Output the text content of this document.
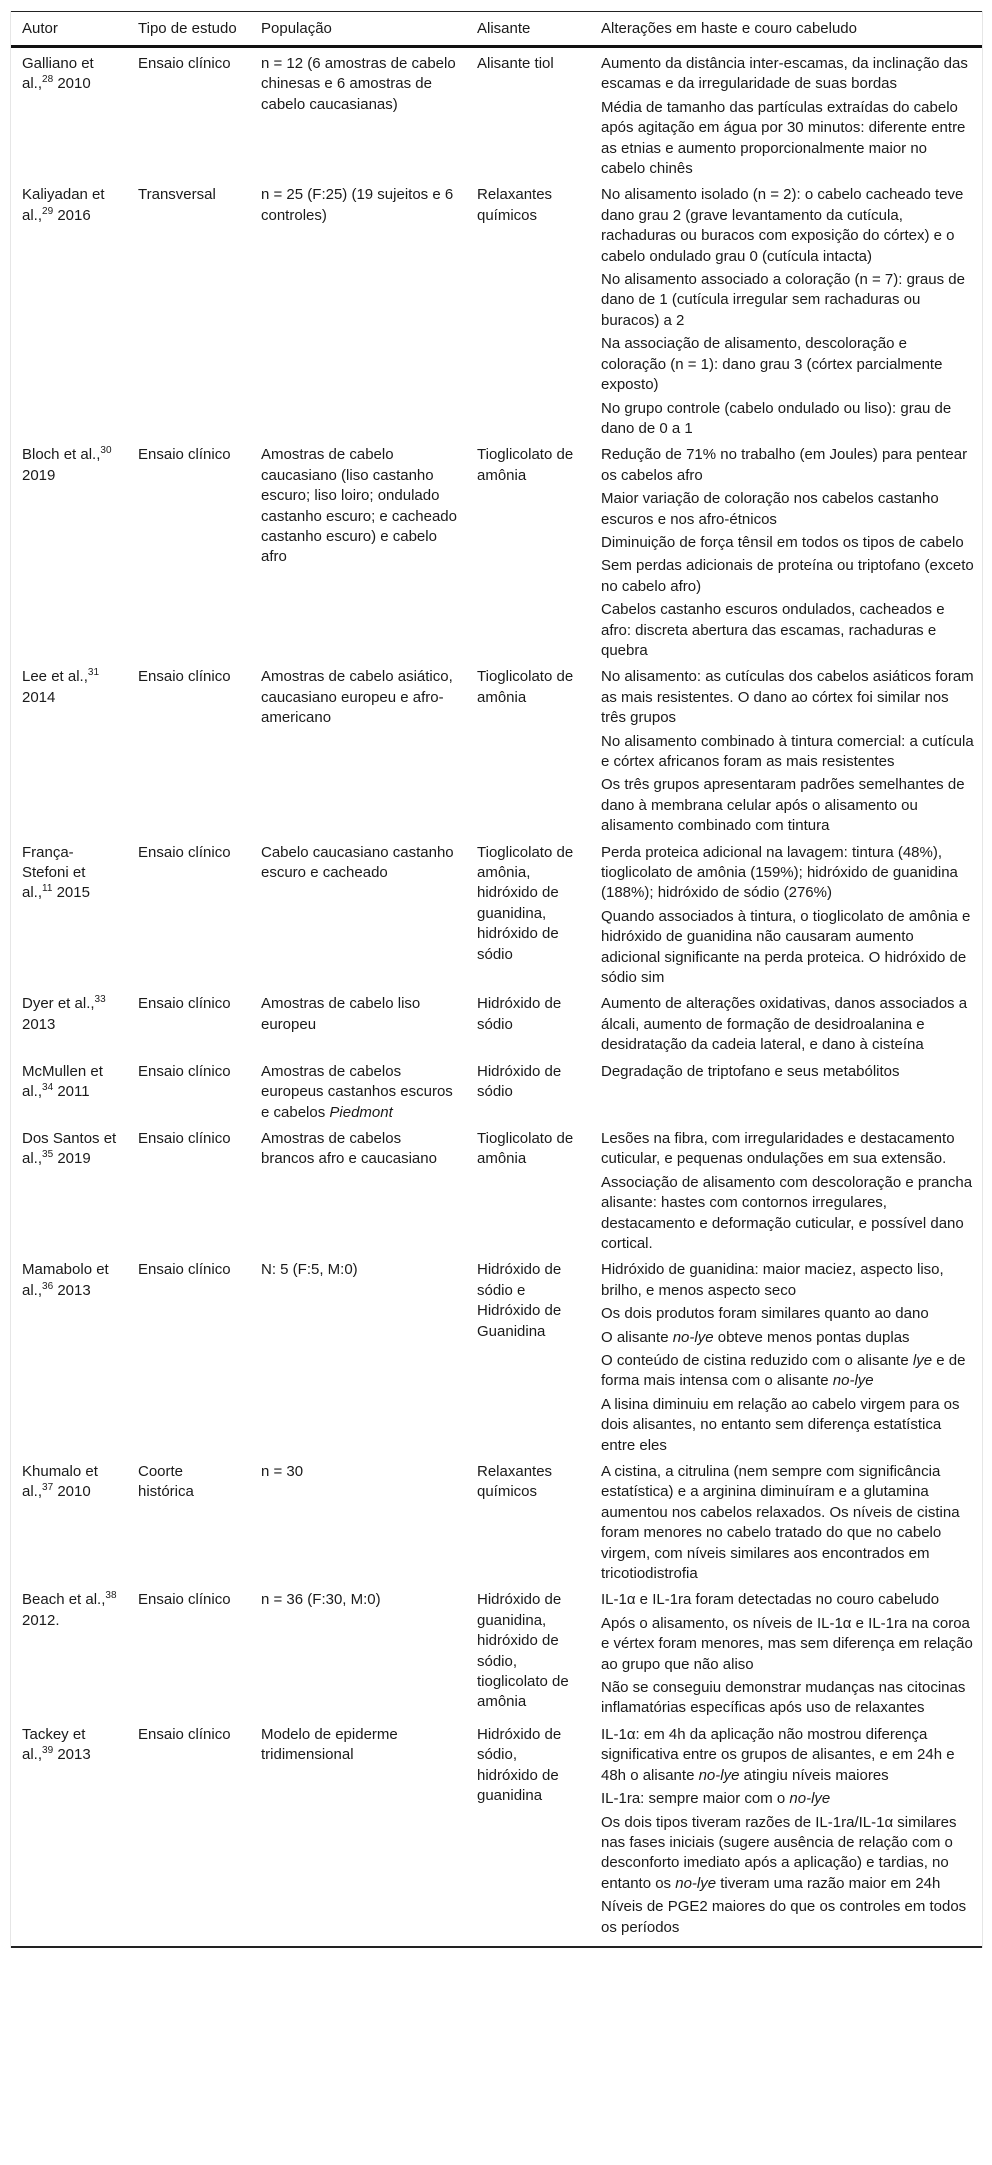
Autor	Tipo de estudo	População	Alisante	Alterações em haste e couro cabeludo
Galliano et al.,$^{28}$ 2010	Ensaio clínico	n = 12 (6 amostras de cabelo chinesas e 6 amostras de cabelo caucasianas)	Alisante tiol	Aumento da distância inter-escamas, da inclinação das escamas e da irregularidade de suas bordas
Média de tamanho das partículas extraídas do cabelo após agitação em água por 30 minutos: diferente entre as etnias e aumento proporcionalmente maior no cabelo chinês

Kaliyadan et al.,$^{29}$ 2016	Transversal	n = 25 (F:25) (19 sujeitos e 6 controles)	Relaxantes químicos	No alisamento isolado (n = 2): o cabelo cacheado teve dano grau 2 (grave levantamento da cutícula, rachaduras ou buracos com exposição do córtex) e o cabelo ondulado grau 0 (cutícula intacta)
No alisamento associado a coloração (n = 7): graus de dano de 1 (cutícula irregular sem rachaduras ou buracos) a 2
Na associação de alisamento, descoloração e coloração (n = 1): dano grau 3 (córtex parcialmente exposto)
No grupo controle (cabelo ondulado ou liso): grau de dano de 0 a 1

Bloch et al.,$^{30}$ 2019	Ensaio clínico	Amostras de cabelo caucasiano (liso castanho escuro; liso loiro; ondulado castanho escuro; e cacheado castanho escuro) e cabelo afro	Tioglicolato de amônia	Redução de 71% no trabalho (em Joules) para pentear os cabelos afro
Maior variação de coloração nos cabelos castanho escuros e nos afro-étnicos
Diminuição de força tênsil em todos os tipos de cabelo
Sem perdas adicionais de proteína ou triptofano (exceto no cabelo afro)
Cabelos castanho escuros ondulados, cacheados e afro: discreta abertura das escamas, rachaduras e quebra

Lee et al.,$^{31}$ 2014	Ensaio clínico	Amostras de cabelo asiático, caucasiano europeu e afro-americano	Tioglicolato de amônia	No alisamento: as cutículas dos cabelos asiáticos foram as mais resistentes. O dano ao córtex foi similar nos três grupos
No alisamento combinado à tintura comercial: a cutícula e córtex africanos foram as mais resistentes
Os três grupos apresentaram padrões semelhantes de dano à membrana celular após o alisamento ou alisamento combinado com tintura

França-Stefoni et al.,$^{11}$ 2015	Ensaio clínico	Cabelo caucasiano castanho escuro e cacheado	Tioglicolato de amônia, hidróxido de guanidina, hidróxido de sódio	Perda proteica adicional na lavagem: tintura (48%), tioglicolato de amônia (159%); hidróxido de guanidina (188%); hidróxido de sódio (276%)
Quando associados à tintura, o tioglicolato de amônia e hidróxido de guanidina não causaram aumento adicional significante na perda proteica. O hidróxido de sódio sim

Dyer et al.,$^{33}$ 2013	Ensaio clínico	Amostras de cabelo liso europeu	Hidróxido de sódio	Aumento de alterações oxidativas, danos associados a álcali, aumento de formação de desidroalanina e desidratação da cadeia lateral, e dano à cisteína

McMullen et al.,$^{34}$ 2011	Ensaio clínico	Amostras de cabelos europeus castanhos escuros e cabelos Piedmont	Hidróxido de sódio	Degradação de triptofano e seus metabólitos

Dos Santos et al.,$^{35}$ 2019	Ensaio clínico	Amostras de cabelos brancos afro e caucasiano	Tioglicolato de amônia	Lesões na fibra, com irregularidades e destacamento cuticular, e pequenas ondulações em sua extensão.
Associação de alisamento com descoloração e prancha alisante: hastes com contornos irregulares, destacamento e deformação cuticular, e possível dano cortical.

Mamabolo et al.,$^{36}$ 2013	Ensaio clínico	N: 5 (F:5, M:0)	Hidróxido de sódio e Hidróxido de Guanidina	Hidróxido de guanidina: maior maciez, aspecto liso, brilho, e menos aspecto seco
Os dois produtos foram similares quanto ao dano
O alisante no-lye obteve menos pontas duplas
O conteúdo de cistina reduzido com o alisante lye e de forma mais intensa com o alisante no-lye
A lisina diminuiu em relação ao cabelo virgem para os dois alisantes, no entanto sem diferença estatística entre eles

Khumalo et al.,$^{37}$ 2010	Coorte histórica	n = 30	Relaxantes químicos	A cistina, a citrulina (nem sempre com significância estatística) e a arginina diminuíram e a glutamina aumentou nos cabelos relaxados. Os níveis de cistina foram menores no cabelo tratado do que no cabelo virgem, com níveis similares aos encontrados em tricotiodistrofia

Beach et al.,$^{38}$ 2012.	Ensaio clínico	n = 36 (F:30, M:0)	Hidróxido de guanidina, hidróxido de sódio, tioglicolato de amônia	IL-1α e IL-1ra foram detectadas no couro cabeludo
Após o alisamento, os níveis de IL-1α e IL-1ra na coroa e vértex foram menores, mas sem diferença em relação ao grupo que não aliso
Não se conseguiu demonstrar mudanças nas citocinas inflamatórias específicas após uso de relaxantes

Tackey et al.,$^{39}$ 2013	Ensaio clínico	Modelo de epiderme tridimensional	Hidróxido de sódio, hidróxido de guanidina	IL-1α: em 4h da aplicação não mostrou diferença significativa entre os grupos de alisantes, e em 24h e 48h o alisante no-lye atingiu níveis maiores
IL-1ra: sempre maior com o no-lye
Os dois tipos tiveram razões de IL-1ra/IL-1α similares nas fases iniciais (sugere ausência de relação com o desconforto imediato após a aplicação) e tardias, no entanto os no-lye tiveram uma razão maior em 24h
Níveis de PGE2 maiores do que os controles em todos os períodos
